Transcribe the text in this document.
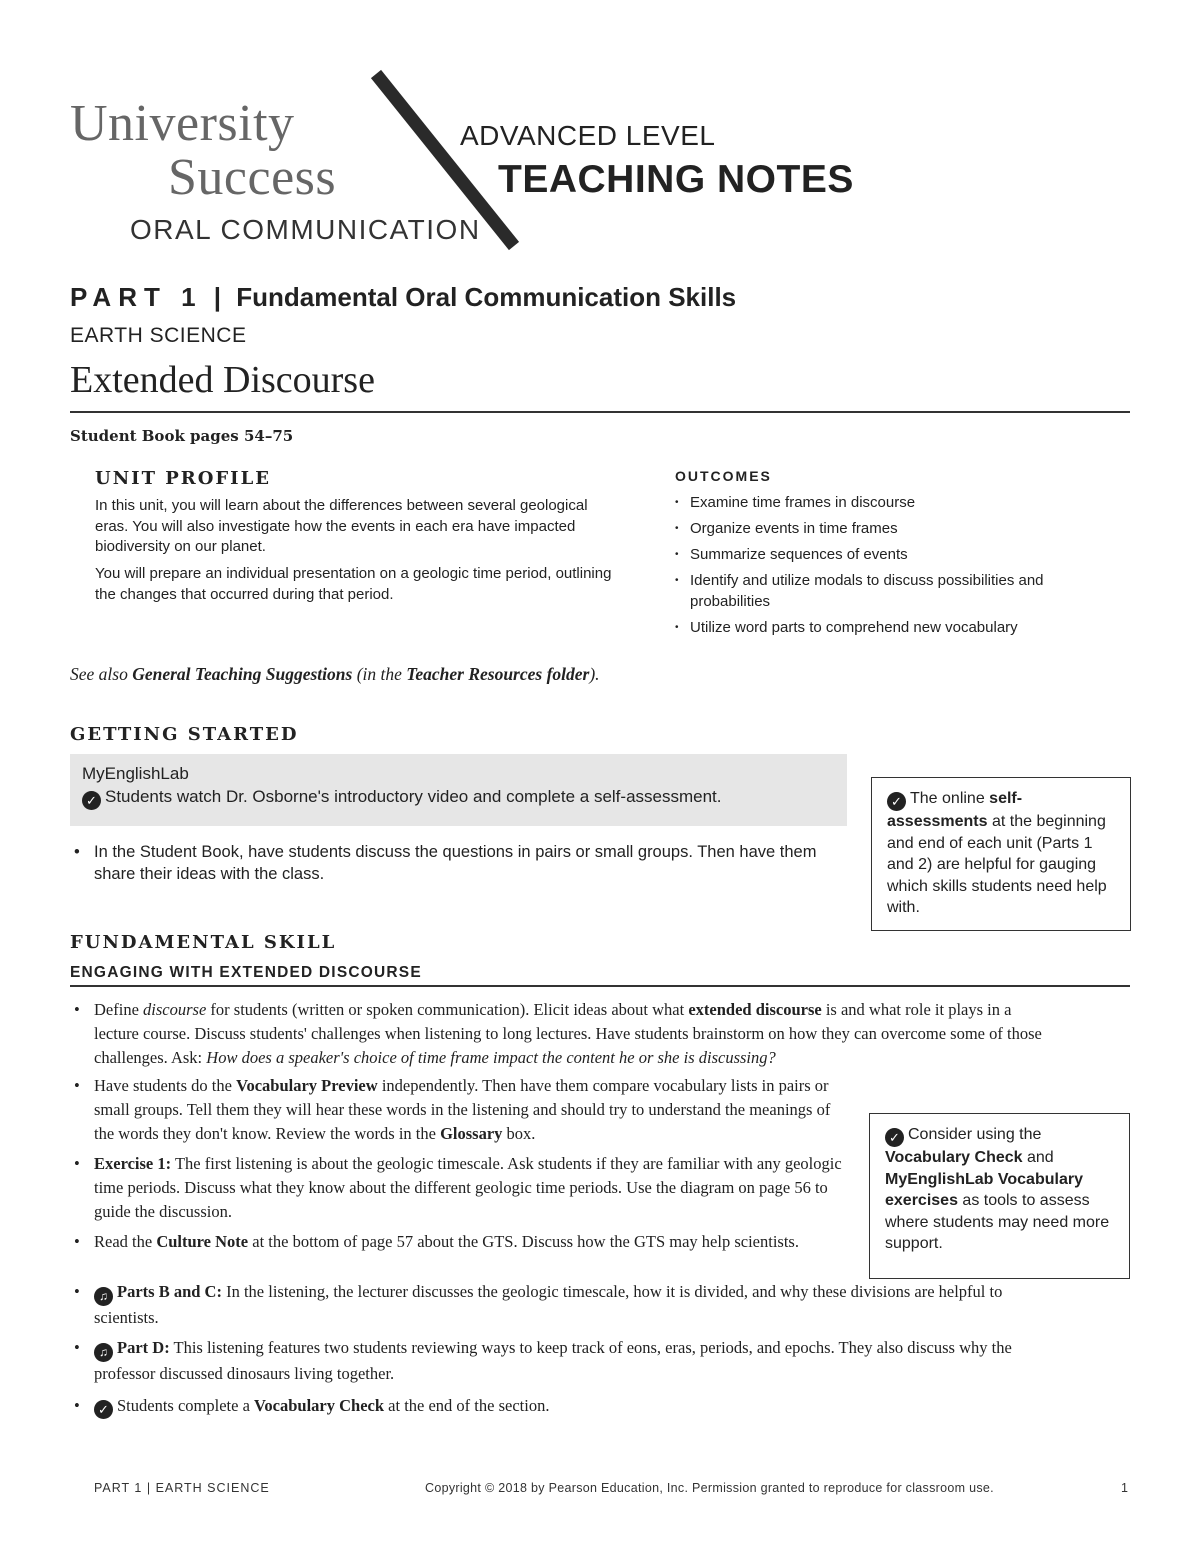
University
Success
ORAL COMMUNICATION
ADVANCED LEVEL
TEACHING NOTES
PART 1 | Fundamental Oral Communication Skills
EARTH SCIENCE
Extended Discourse
Student Book pages 54–75
UNIT PROFILE
In this unit, you will learn about the differences between several geological eras. You will also investigate how the events in each era have impacted biodiversity on our planet.
You will prepare an individual presentation on a geologic time period, outlining the changes that occurred during that period.
OUTCOMES
• Examine time frames in discourse
• Organize events in time frames
• Summarize sequences of events
• Identify and utilize modals to discuss possibilities and probabilities
• Utilize word parts to comprehend new vocabulary
See also General Teaching Suggestions (in the Teacher Resources folder).
GETTING STARTED
MyEnglishLab
✓ Students watch Dr. Osborne's introductory video and complete a self-assessment.
• In the Student Book, have students discuss the questions in pairs or small groups. Then have them share their ideas with the class.
✓ The online self-assessments at the beginning and end of each unit (Parts 1 and 2) are helpful for gauging which skills students need help with.
FUNDAMENTAL SKILL
ENGAGING WITH EXTENDED DISCOURSE
• Define discourse for students (written or spoken communication). Elicit ideas about what extended discourse is and what role it plays in a lecture course. Discuss students' challenges when listening to long lectures. Have students brainstorm on how they can overcome some of those challenges. Ask: How does a speaker's choice of time frame impact the content he or she is discussing?
• Have students do the Vocabulary Preview independently. Then have them compare vocabulary lists in pairs or small groups. Tell them they will hear these words in the listening and should try to understand the meanings of the words they don't know. Review the words in the Glossary box.
• Exercise 1: The first listening is about the geologic timescale. Ask students if they are familiar with any geologic time periods. Discuss what they know about the different geologic time periods. Use the diagram on page 56 to guide the discussion.
• Read the Culture Note at the bottom of page 57 about the GTS. Discuss how the GTS may help scientists.
• ♫ Parts B and C: In the listening, the lecturer discusses the geologic timescale, how it is divided, and why these divisions are helpful to scientists.
• ♫ Part D: This listening features two students reviewing ways to keep track of eons, eras, periods, and epochs. They also discuss why the professor discussed dinosaurs living together.
• ✓ Students complete a Vocabulary Check at the end of the section.
✓ Consider using the Vocabulary Check and MyEnglishLab Vocabulary exercises as tools to assess where students may need more support.
PART 1 | EARTH SCIENCE	Copyright © 2018 by Pearson Education, Inc. Permission granted to reproduce for classroom use.	1
